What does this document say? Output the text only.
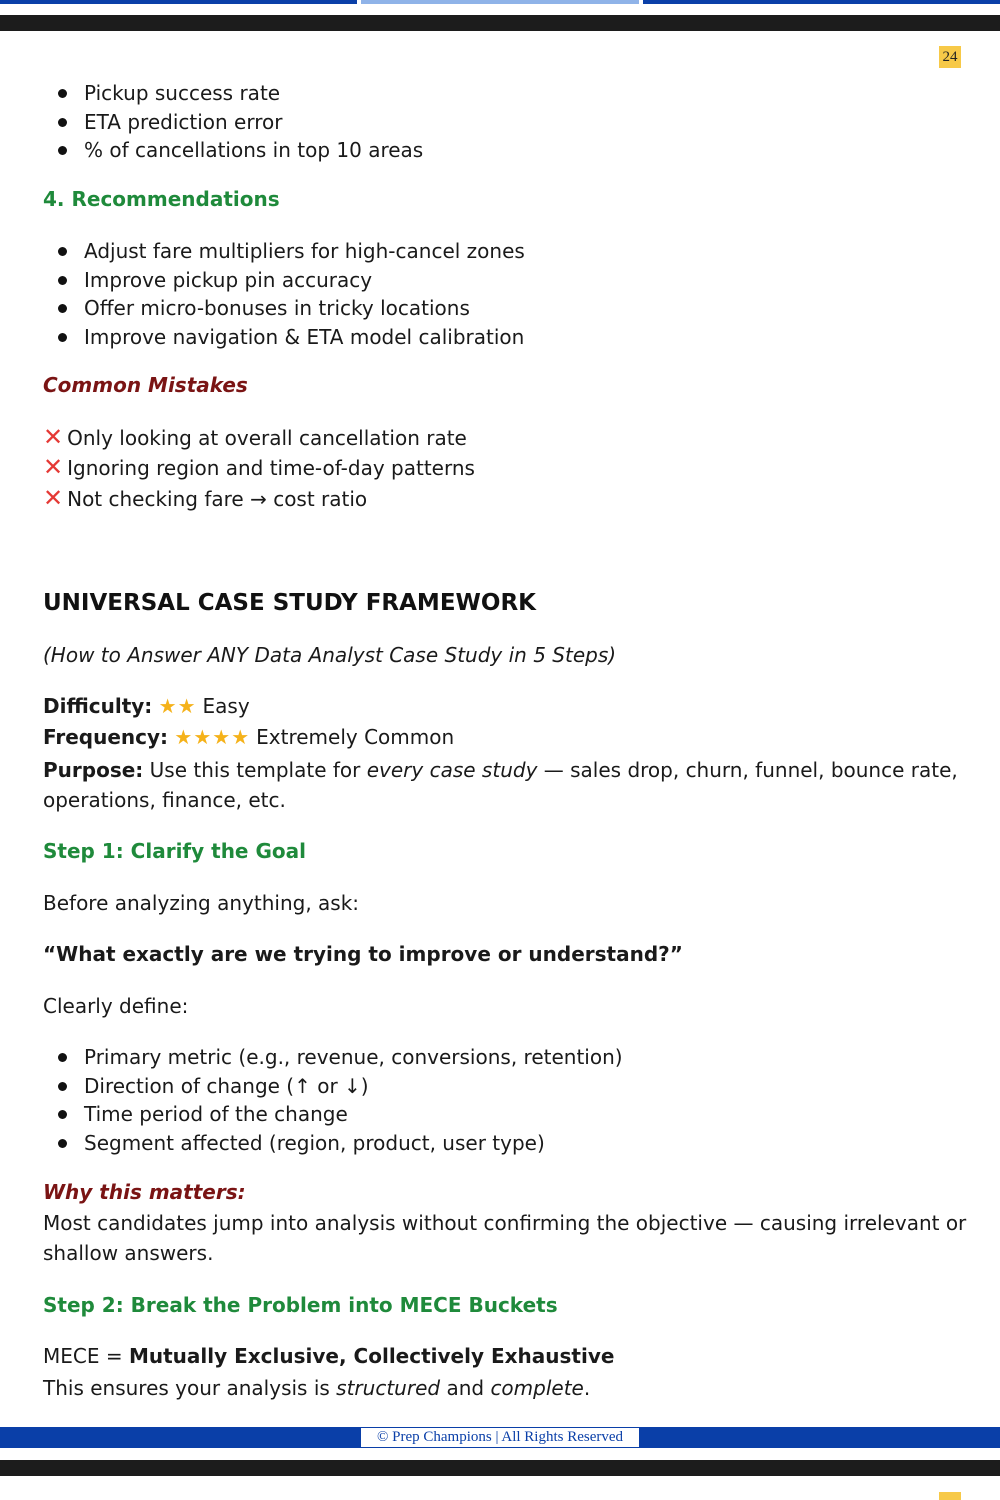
24
Pickup success rate
ETA prediction error
% of cancellations in top 10 areas
4. Recommendations
Adjust fare multipliers for high-cancel zones
Improve pickup pin accuracy
Offer micro-bonuses in tricky locations
Improve navigation & ETA model calibration
Common Mistakes
✕ Only looking at overall cancellation rate
✕ Ignoring region and time-of-day patterns
✕ Not checking fare → cost ratio
UNIVERSAL CASE STUDY FRAMEWORK
(How to Answer ANY Data Analyst Case Study in 5 Steps)
Difficulty: ★★ Easy
Frequency: ★★★★ Extremely Common
Purpose: Use this template for every case study — sales drop, churn, funnel, bounce rate,
operations, finance, etc.
Step 1: Clarify the Goal
Before analyzing anything, ask:
“What exactly are we trying to improve or understand?”
Clearly define:
Primary metric (e.g., revenue, conversions, retention)
Direction of change (↑ or ↓)
Time period of the change
Segment affected (region, product, user type)
Why this matters:
Most candidates jump into analysis without confirming the objective — causing irrelevant or
shallow answers.
Step 2: Break the Problem into MECE Buckets
MECE = Mutually Exclusive, Collectively Exhaustive
This ensures your analysis is structured and complete.
© Prep Champions | All Rights Reserved
